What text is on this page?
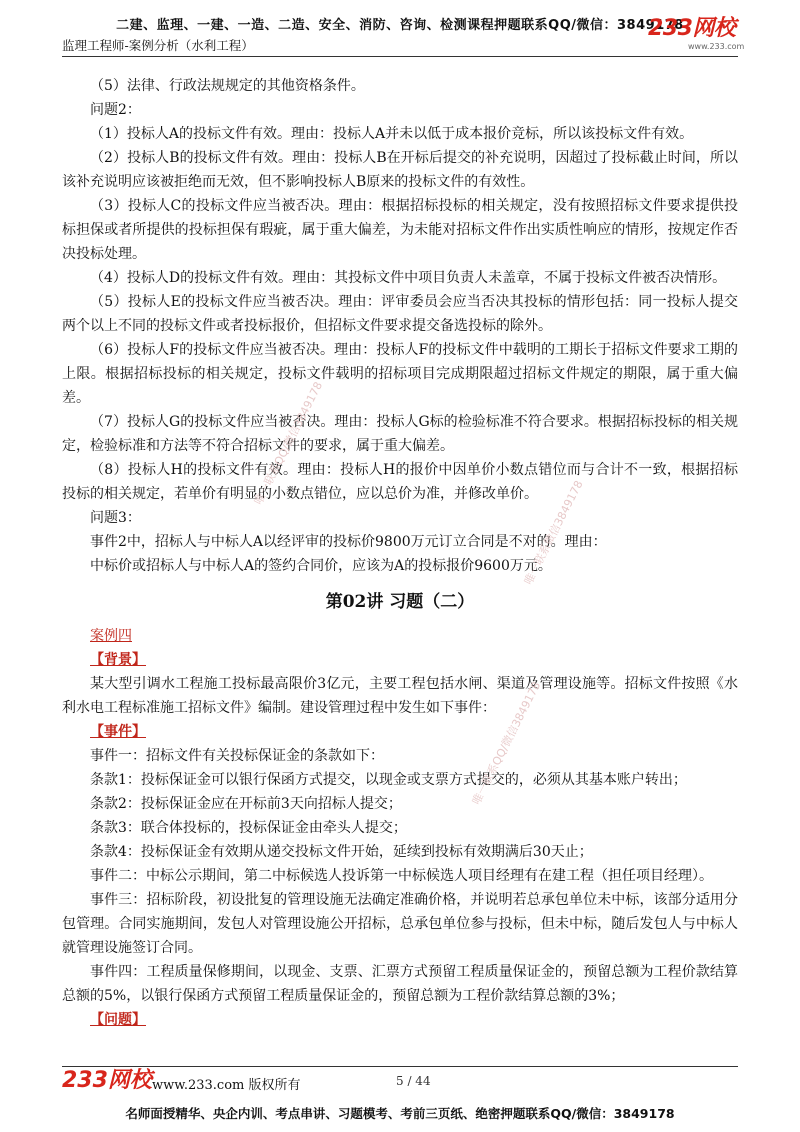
二建、监理、一建、一造、二造、安全、消防、咨询、检测课程押题联系QQ/微信：3849178
监理工程师-案例分析（水利工程）
233网校
www.233.com

（5）法律、行政法规规定的其他资格条件。

问题2：

（1）投标人A的投标文件有效。理由：投标人A并未以低于成本报价竞标，所以该投标文件有效。

（2）投标人B的投标文件有效。理由：投标人B在开标后提交的补充说明，因超过了投标截止时间，所以该补充说明应该被拒绝而无效，但不影响投标人B原来的投标文件的有效性。

（3）投标人C的投标文件应当被否决。理由：根据招标投标的相关规定，没有按照招标文件要求提供投标担保或者所提供的投标担保有瑕疵，属于重大偏差，为未能对招标文件作出实质性响应的情形，按规定作否决投标处理。

（4）投标人D的投标文件有效。理由：其投标文件中项目负责人未盖章，不属于投标文件被否决情形。

（5）投标人E的投标文件应当被否决。理由：评审委员会应当否决其投标的情形包括：同一投标人提交两个以上不同的投标文件或者投标报价，但招标文件要求提交备选投标的除外。

（6）投标人F的投标文件应当被否决。理由：投标人F的投标文件中载明的工期长于招标文件要求工期的上限。根据招标投标的相关规定，投标文件载明的招标项目完成期限超过招标文件规定的期限，属于重大偏差。

（7）投标人G的投标文件应当被否决。理由：投标人G标的检验标准不符合要求。根据招标投标的相关规定，检验标准和方法等不符合招标文件的要求，属于重大偏差。

（8）投标人H的投标文件有效。理由：投标人H的报价中因单价小数点错位而与合计不一致，根据招标投标的相关规定，若单价有明显的小数点错位，应以总价为准，并修改单价。

问题3：

事件2中，招标人与中标人A以经评审的投标价9800万元订立合同是不对的。理由：

中标价或招标人与中标人A的签约合同价，应该为A的投标报价9600万元。

第02讲 习题（二）
案例四
【背景】

某大型引调水工程施工投标最高限价3亿元，主要工程包括水闸、渠道及管理设施等。招标文件按照《水利水电工程标准施工招标文件》编制。建设管理过程中发生如下事件：

【事件】

事件一：招标文件有关投标保证金的条款如下：

条款1：投标保证金可以银行保函方式提交，以现金或支票方式提交的，必须从其基本账户转出；

条款2：投标保证金应在开标前3天向招标人提交；

条款3：联合体投标的，投标保证金由牵头人提交；

条款4：投标保证金有效期从递交投标文件开始，延续到投标有效期满后30天止；

事件二：中标公示期间，第二中标候选人投诉第一中标候选人项目经理有在建工程（担任项目经理）。

事件三：招标阶段，初设批复的管理设施无法确定准确价格，并说明若总承包单位未中标，该部分适用分包管理。合同实施期间，发包人对管理设施公开招标，总承包单位参与投标，但未中标，随后发包人与中标人就管理设施签订合同。

事件四：工程质量保修期间，以现金、支票、汇票方式预留工程质量保证金的，预留总额为工程价款结算总额的5%，以银行保函方式预留工程质量保证金的，预留总额为工程价款结算总额的3%；

【问题】
唯一联系QQ/微信3849178
唯一联系QQ/微信3849178
唯一联系微信3849178
233网校 www.233.com 版权所有	5 / 44
名师面授精华、央企内训、考点串讲、习题模考、考前三页纸、绝密押题联系QQ/微信：3849178
